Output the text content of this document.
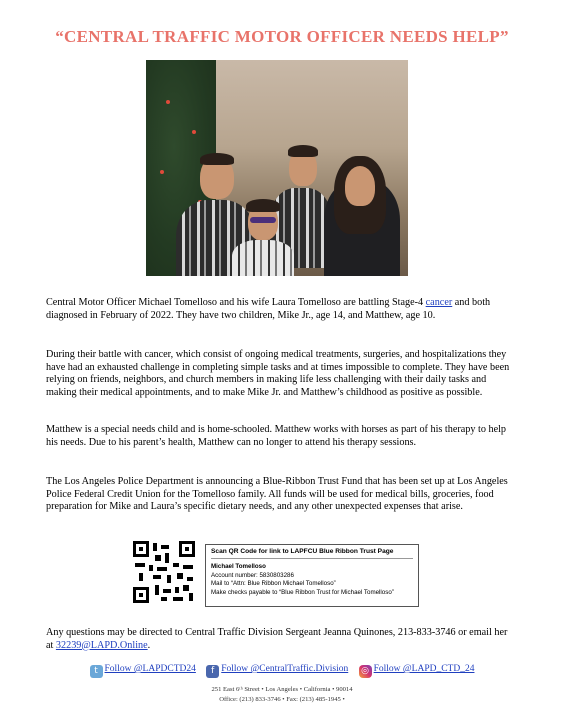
“CENTRAL TRAFFIC MOTOR OFFICER NEEDS HELP”

Central Motor Officer Michael Tomelloso and his wife Laura Tomelloso are battling Stage-4 cancer and both diagnosed in February of 2022. They have two children, Mike Jr., age 14, and Matthew, age 10.

During their battle with cancer, which consist of ongoing medical treatments, surgeries, and hospitalizations they have had an exhausted challenge in completing simple tasks and at times impossible to complete. They have been relying on friends, neighbors, and church members in making life less challenging with their daily tasks and making their medical appointments, and to make Mike Jr. and Matthew’s childhood as positive as possible.

Matthew is a special needs child and is home-schooled. Matthew works with horses as part of his therapy to help his needs. Due to his parent’s health, Matthew can no longer to attend his therapy sessions.

The Los Angeles Police Department is announcing a Blue-Ribbon Trust Fund that has been set up at Los Angeles Police Federal Credit Union for the Tomelloso family. All funds will be used for medical bills, groceries, food preparation for Mike and Laura’s specific dietary needs, and any other unexpected expenses that arise.

Scan QR Code for link to LAPFCU Blue Ribbon Trust Page
Michael Tomelloso
Account number: 5830803286
Mail to “Attn: Blue Ribbon Michael Tomelloso”
Make checks payable to “Blue Ribbon Trust for Michael Tomelloso”

Any questions may be directed to Central Traffic Division Sergeant Jeanna Quinones, 213-833-3746 or email her at 32239@LAPD.Online.

t Follow @LAPDCTD24 f Follow @CentralTraffic.Division ◎ Follow @LAPD_CTD_24
251 East 6ᵗʰ Street • Los Angeles • California • 90014
Office: (213) 833-3746 • Fax: (213) 485-1945 •
